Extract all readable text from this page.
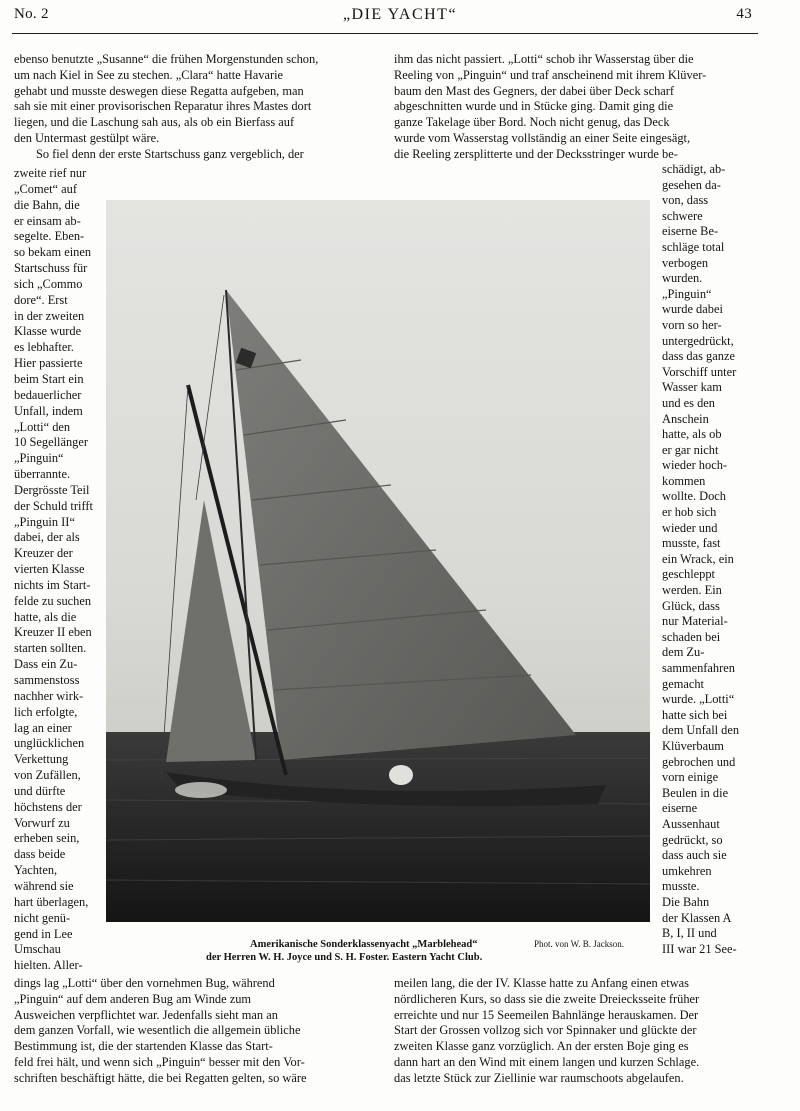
No. 2	„DIE YACHT“	43

ebenso benutzte „Susanne“ die frühen Morgenstunden schon,

um nach Kiel in See zu stechen. „Clara“ hatte Havarie

gehabt und musste deswegen diese Regatta aufgeben, man

sah sie mit einer provisorischen Reparatur ihres Mastes dort

liegen, und die Laschung sah aus, als ob ein Bierfass auf

den Untermast gestülpt wäre.

So fiel denn der erste Startschuss ganz vergeblich, der

zweite rief nur

„Comet“ auf

die Bahn, die

er einsam ab-

segelte. Eben-

so bekam einen

Startschuss für

sich „Commo

dore“. Erst

in der zweiten

Klasse wurde

es lebhafter.

Hier passierte

beim Start ein

bedauerlicher

Unfall, indem

„Lotti“ den

10 Segellänger

„Pinguin“

überrannte.

Dergrösste Teil

der Schuld trifft

„Pinguin II“

dabei, der als

Kreuzer der

vierten Klasse

nichts im Start-

felde zu suchen

hatte, als die

Kreuzer II eben

starten sollten.

Dass ein Zu-

sammenstoss

nachher wirk-

lich erfolgte,

lag an einer

unglücklichen

Verkettung

von Zufällen,

und dürfte

höchstens der

Vorwurf zu

erheben sein,

dass beide

Yachten,

während sie

hart überlagen,

nicht genü-

gend in Lee

Umschau

hielten. Aller-

dings lag „Lotti“ über den vornehmen Bug, während

„Pinguin“ auf dem anderen Bug am Winde zum

Ausweichen verpflichtet war. Jedenfalls sieht man an

dem ganzen Vorfall, wie wesentlich die allgemein übliche

Bestimmung ist, die der startenden Klasse das Start-

feld frei hält, und wenn sich „Pinguin“ besser mit den Vor-

schriften beschäftigt hätte, die bei Regatten gelten, so wäre

ihm das nicht passiert. „Lotti“ schob ihr Wasserstag über die

Reeling von „Pinguin“ und traf anscheinend mit ihrem Klüver-

baum den Mast des Gegners, der dabei über Deck scharf

abgeschnitten wurde und in Stücke ging. Damit ging die

ganze Takelage über Bord. Noch nicht genug, das Deck

wurde vom Wasserstag vollständig an einer Seite eingesägt,

die Reeling zersplitterte und der Decksstringer wurde be-

schädigt, ab-

gesehen da-

von, dass

schwere

eiserne Be-

schläge total

verbogen

wurden.

„Pinguin“

wurde dabei

vorn so her-

untergedrückt,

dass das ganze

Vorschiff unter

Wasser kam

und es den

Anschein

hatte, als ob

er gar nicht

wieder hoch-

kommen

wollte. Doch

er hob sich

wieder und

musste, fast

ein Wrack, ein

geschleppt

werden. Ein

Glück, dass

nur Material-

schaden bei

dem Zu-

sammenfahren

gemacht

wurde. „Lotti“

hatte sich bei

dem Unfall den

Klüverbaum

gebrochen und

vorn einige

Beulen in die

eiserne

Aussenhaut

gedrückt, so

dass auch sie

umkehren

musste.

Die Bahn

der Klassen A

B, I, II und

III war 21 See-

meilen lang, die der IV. Klasse hatte zu Anfang einen etwas

nördlicheren Kurs, so dass sie die zweite Dreiecksseite früher

erreichte und nur 15 Seemeilen Bahnlänge herauskamen. Der

Start der Grossen vollzog sich vor Spinnaker und glückte der

zweiten Klasse ganz vorzüglich. An der ersten Boje ging es

dann hart an den Wind mit einem langen und kurzen Schlage.

das letzte Stück zur Ziellinie war raumschoots abgelaufen.

Amerikanische Sonderklassenyacht „Marblehead“	Phot. von W. B. Jackson.
der Herren W. H. Joyce und S. H. Foster. Eastern Yacht Club.
